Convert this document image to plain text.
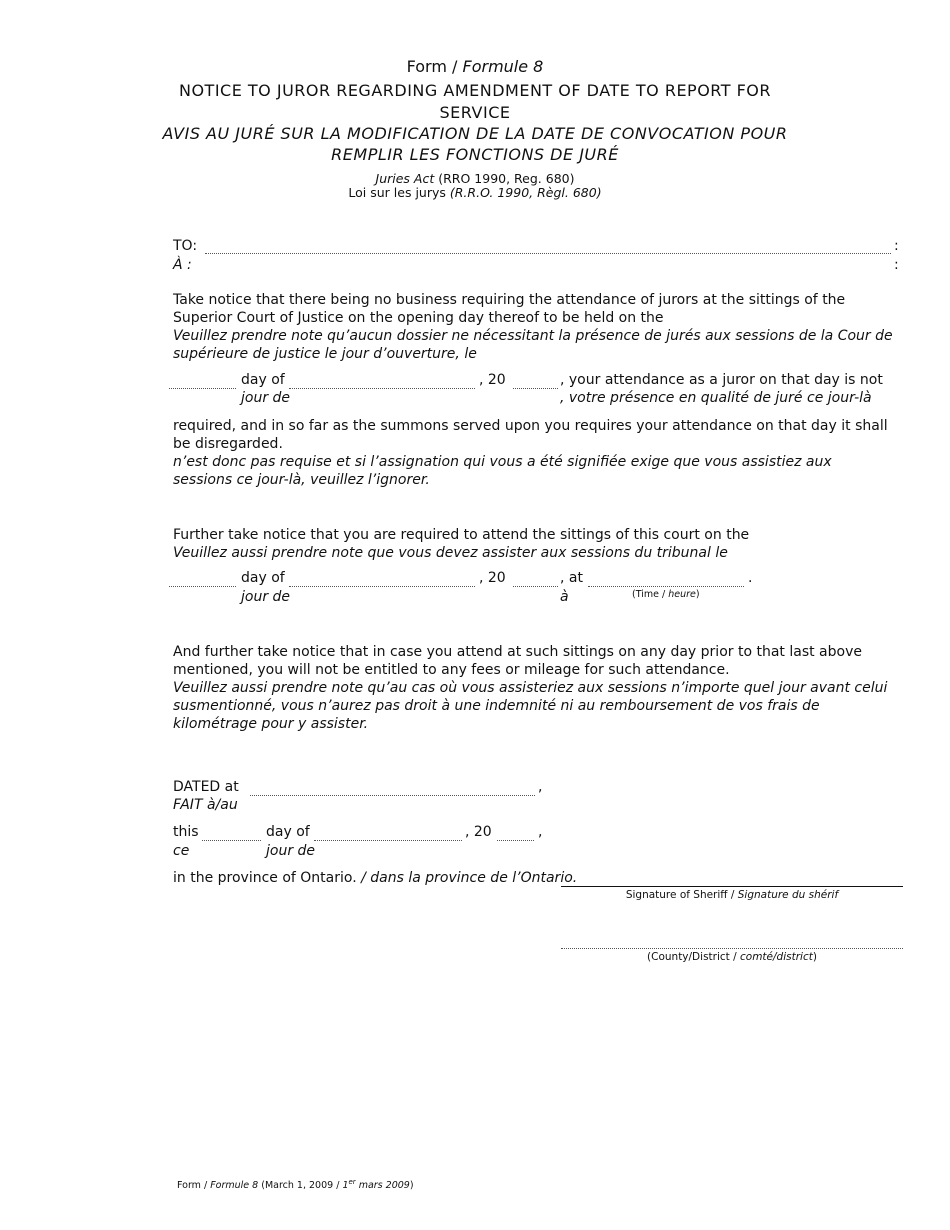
Form / Formule 8
NOTICE TO JUROR REGARDING AMENDMENT OF DATE TO REPORT FOR
SERVICE
AVIS AU JURÉ SUR LA MODIFICATION DE LA DATE DE CONVOCATION POUR
REMPLIR LES FONCTIONS DE JURÉ
Juries Act (RRO 1990, Reg. 680)
Loi sur les jurys (R.R.O. 1990, Règl. 680)
TO:
À :
:
:
Take notice that there being no business requiring the attendance of jurors at the sittings of the Superior Court of Justice on the opening day thereof to be held on the
Veuillez prendre note qu’aucun dossier ne nécessitant la présence de jurés aux sessions de la Cour de supérieure de justice le jour d’ouverture, le
day of
jour de
, 20	, your attendance as a juror on that day is not
, votre présence en qualité de juré ce jour-là
required, and in so far as the summons served upon you requires your attendance on that day it shall be disregarded.
n’est donc pas requise et si l’assignation qui vous a été signifiée exige que vous assistiez aux sessions ce jour-là, veuillez l’ignorer.
Further take notice that you are required to attend the sittings of this court on the
Veuillez aussi prendre note que vous devez assister aux sessions du tribunal le
day of
jour de
, 20	, at
à
.
(Time / heure)
And further take notice that in case you attend at such sittings on any day prior to that last above mentioned, you will not be entitled to any fees or mileage for such attendance.
Veuillez aussi prendre note qu’au cas où vous assisteriez aux sessions n’importe quel jour avant celui susmentionné, vous n’aurez pas droit à une indemnité ni au remboursement de vos frais de kilométrage pour y assister.
DATED at
FAIT à/au
,
this
ce
day of
jour de
, 20	,
in the province of Ontario. / dans la province de l’Ontario.
Signature of Sheriff / Signature du shérif
(County/District / comté/district)
Form / Formule 8 (March 1, 2009 / 1er mars 2009)
